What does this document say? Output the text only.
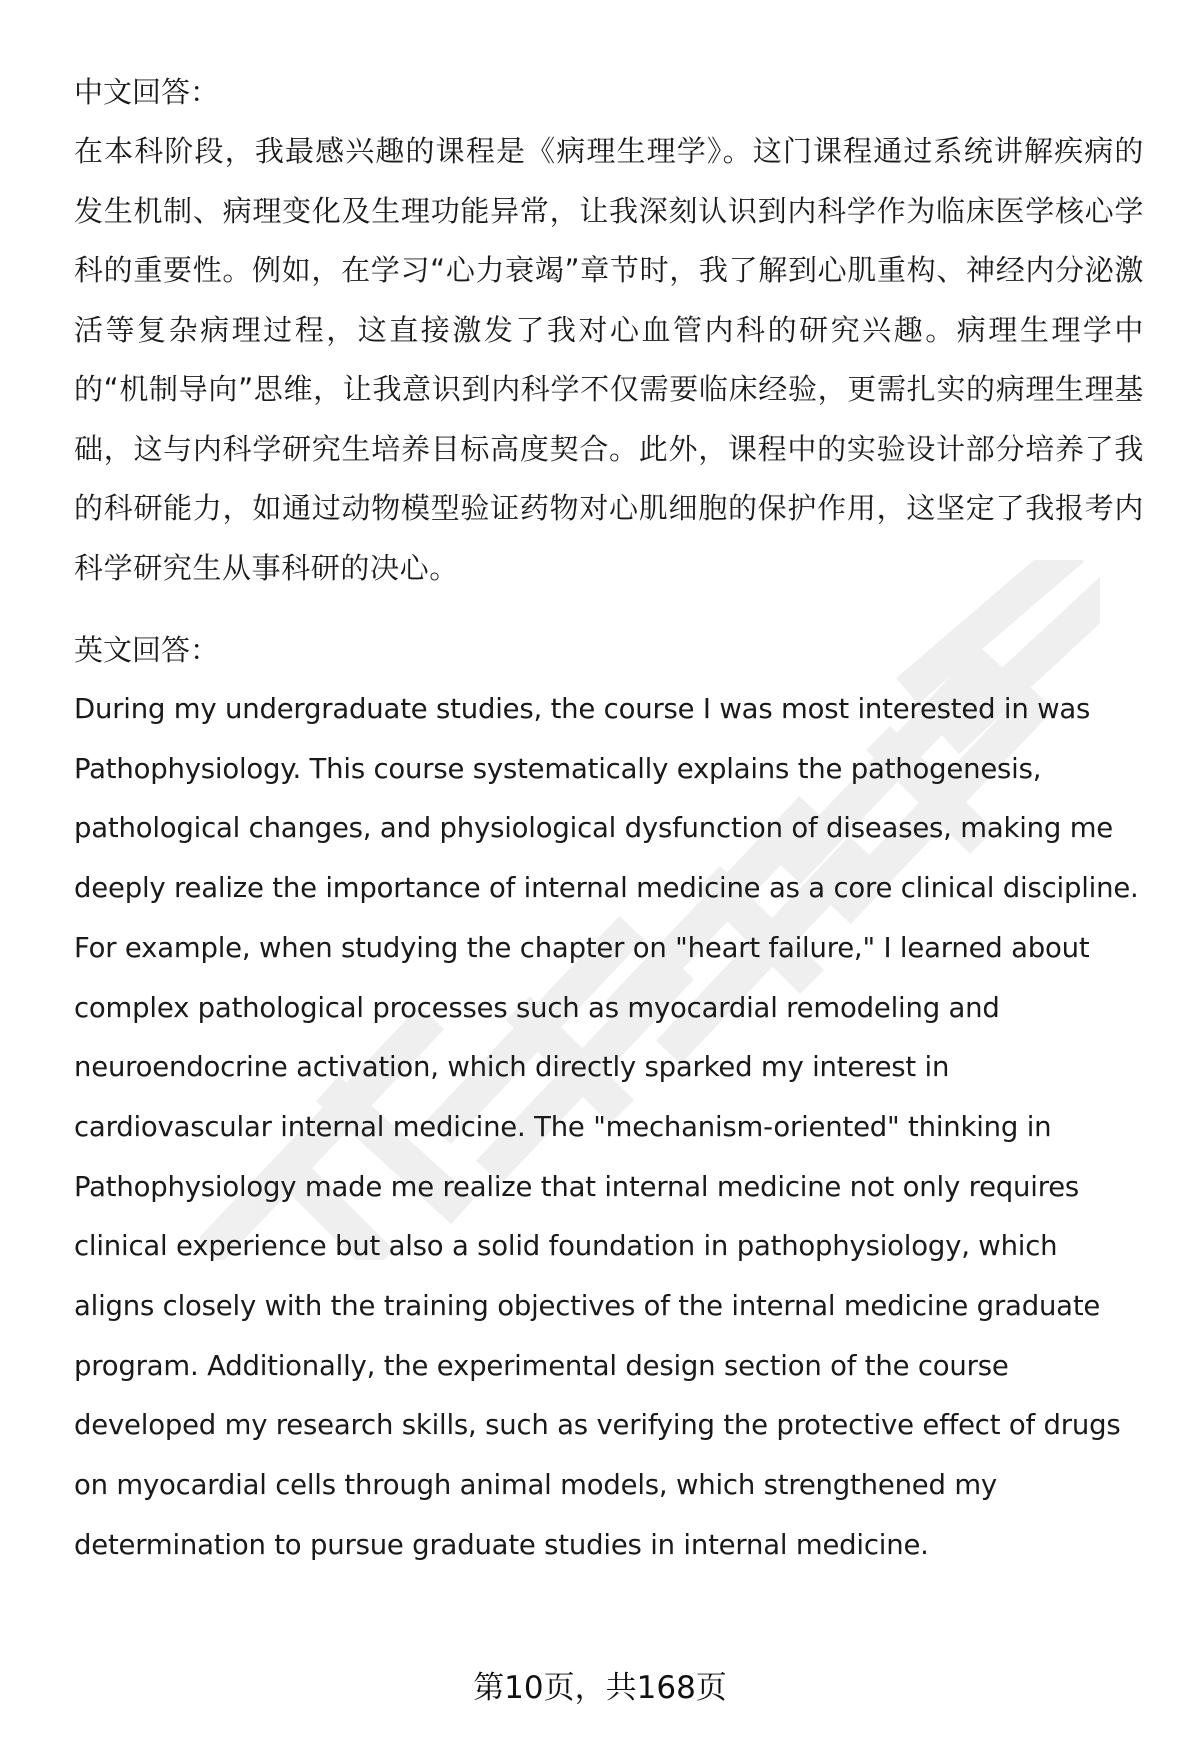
中文回答：

在本科阶段，我最感兴趣的课程是《病理生理学》。这门课程通过系统讲解疾病的发生机制、病理变化及生理功能异常，让我深刻认识到内科学作为临床医学核心学科的重要性。例如，在学习“心力衰竭”章节时，我了解到心肌重构、神经内分泌激活等复杂病理过程，这直接激发了我对心血管内科的研究兴趣。病理生理学中的“机制导向”思维，让我意识到内科学不仅需要临床经验，更需扎实的病理生理基础，这与内科学研究生培养目标高度契合。此外，课程中的实验设计部分培养了我的科研能力，如通过动物模型验证药物对心肌细胞的保护作用，这坚定了我报考内科学研究生从事科研的决心。

英文回答：

During my undergraduate studies, the course I was most interested in was Pathophysiology. This course systematically explains the pathogenesis, pathological changes, and physiological dysfunction of diseases, making me deeply realize the importance of internal medicine as a core clinical discipline. For example, when studying the chapter on "heart failure," I learned about complex pathological processes such as myocardial remodeling and neuroendocrine activation, which directly sparked my interest in cardiovascular internal medicine. The "mechanism-oriented" thinking in Pathophysiology made me realize that internal medicine not only requires clinical experience but also a solid foundation in pathophysiology, which aligns closely with the training objectives of the internal medicine graduate program. Additionally, the experimental design section of the course developed my research skills, such as verifying the protective effect of drugs on myocardial cells through animal models, which strengthened my determination to pursue graduate studies in internal medicine.

第10页，共168页
